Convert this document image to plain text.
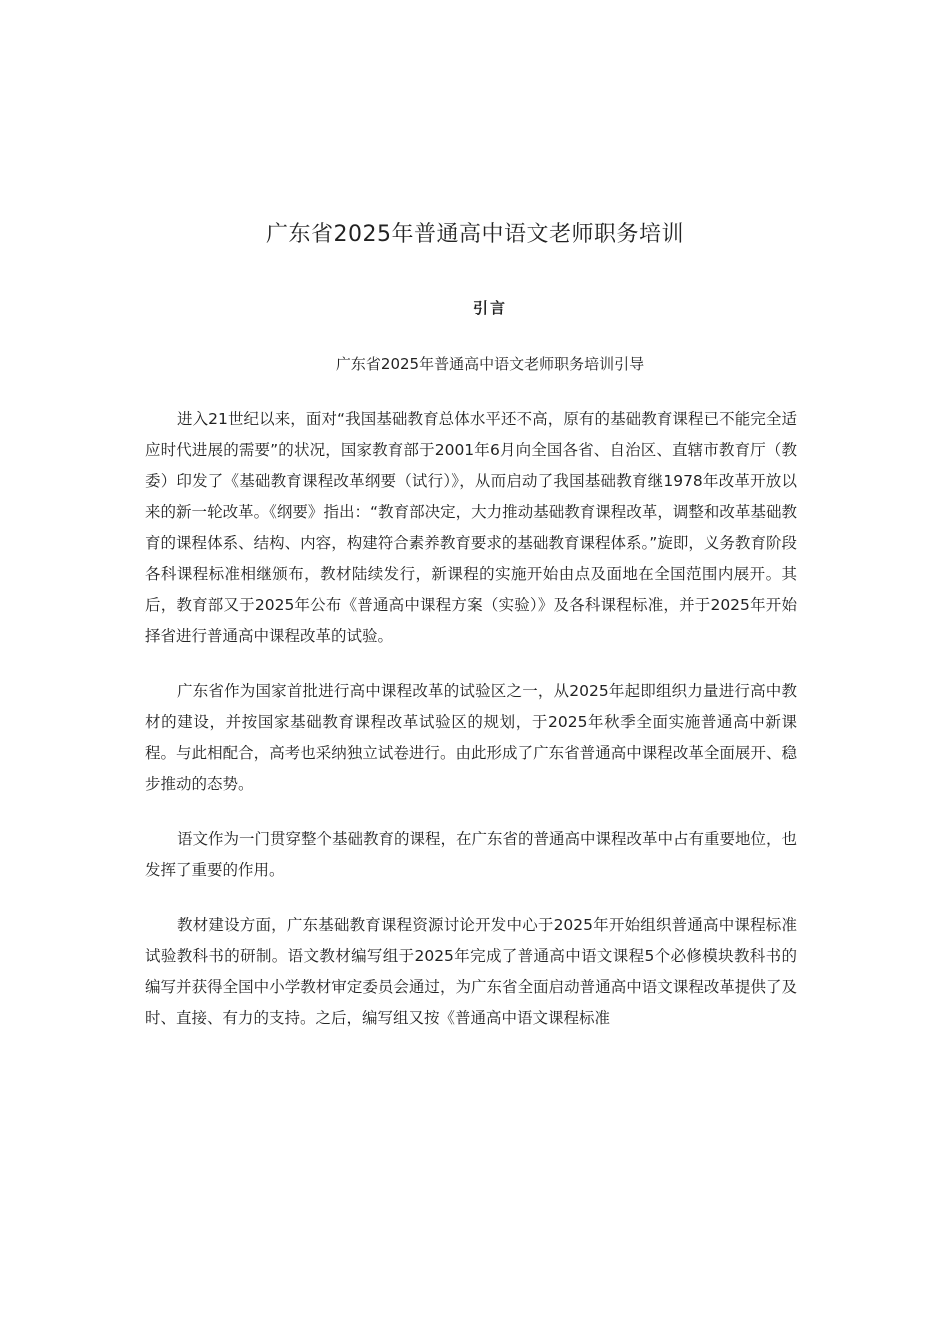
广东省2025年普通高中语文老师职务培训
引言

广东省2025年普通高中语文老师职务培训引导

进入21世纪以来，面对“我国基础教育总体水平还不高，原有的基础教育课程已不能完全适应时代进展的需要”的状况，国家教育部于2001年6月向全国各省、自治区、直辖市教育厅（教委）印发了《基础教育课程改革纲要（试行）》，从而启动了我国基础教育继1978年改革开放以来的新一轮改革。《纲要》指出：“教育部决定，大力推动基础教育课程改革，调整和改革基础教育的课程体系、结构、内容，构建符合素养教育要求的基础教育课程体系。”旋即，义务教育阶段各科课程标准相继颁布，教材陆续发行，新课程的实施开始由点及面地在全国范围内展开。其后，教育部又于2025年公布《普通高中课程方案（实验）》及各科课程标准，并于2025年开始择省进行普通高中课程改革的试验。

广东省作为国家首批进行高中课程改革的试验区之一，从2025年起即组织力量进行高中教材的建设，并按国家基础教育课程改革试验区的规划，于2025年秋季全面实施普通高中新课程。与此相配合，高考也采纳独立试卷进行。由此形成了广东省普通高中课程改革全面展开、稳步推动的态势。

语文作为一门贯穿整个基础教育的课程，在广东省的普通高中课程改革中占有重要地位，也发挥了重要的作用。

教材建设方面，广东基础教育课程资源讨论开发中心于2025年开始组织普通高中课程标准试验教科书的研制。语文教材编写组于2025年完成了普通高中语文课程5个必修模块教科书的编写并获得全国中小学教材审定委员会通过，为广东省全面启动普通高中语文课程改革提供了及时、直接、有力的支持。之后，编写组又按《普通高中语文课程标准
